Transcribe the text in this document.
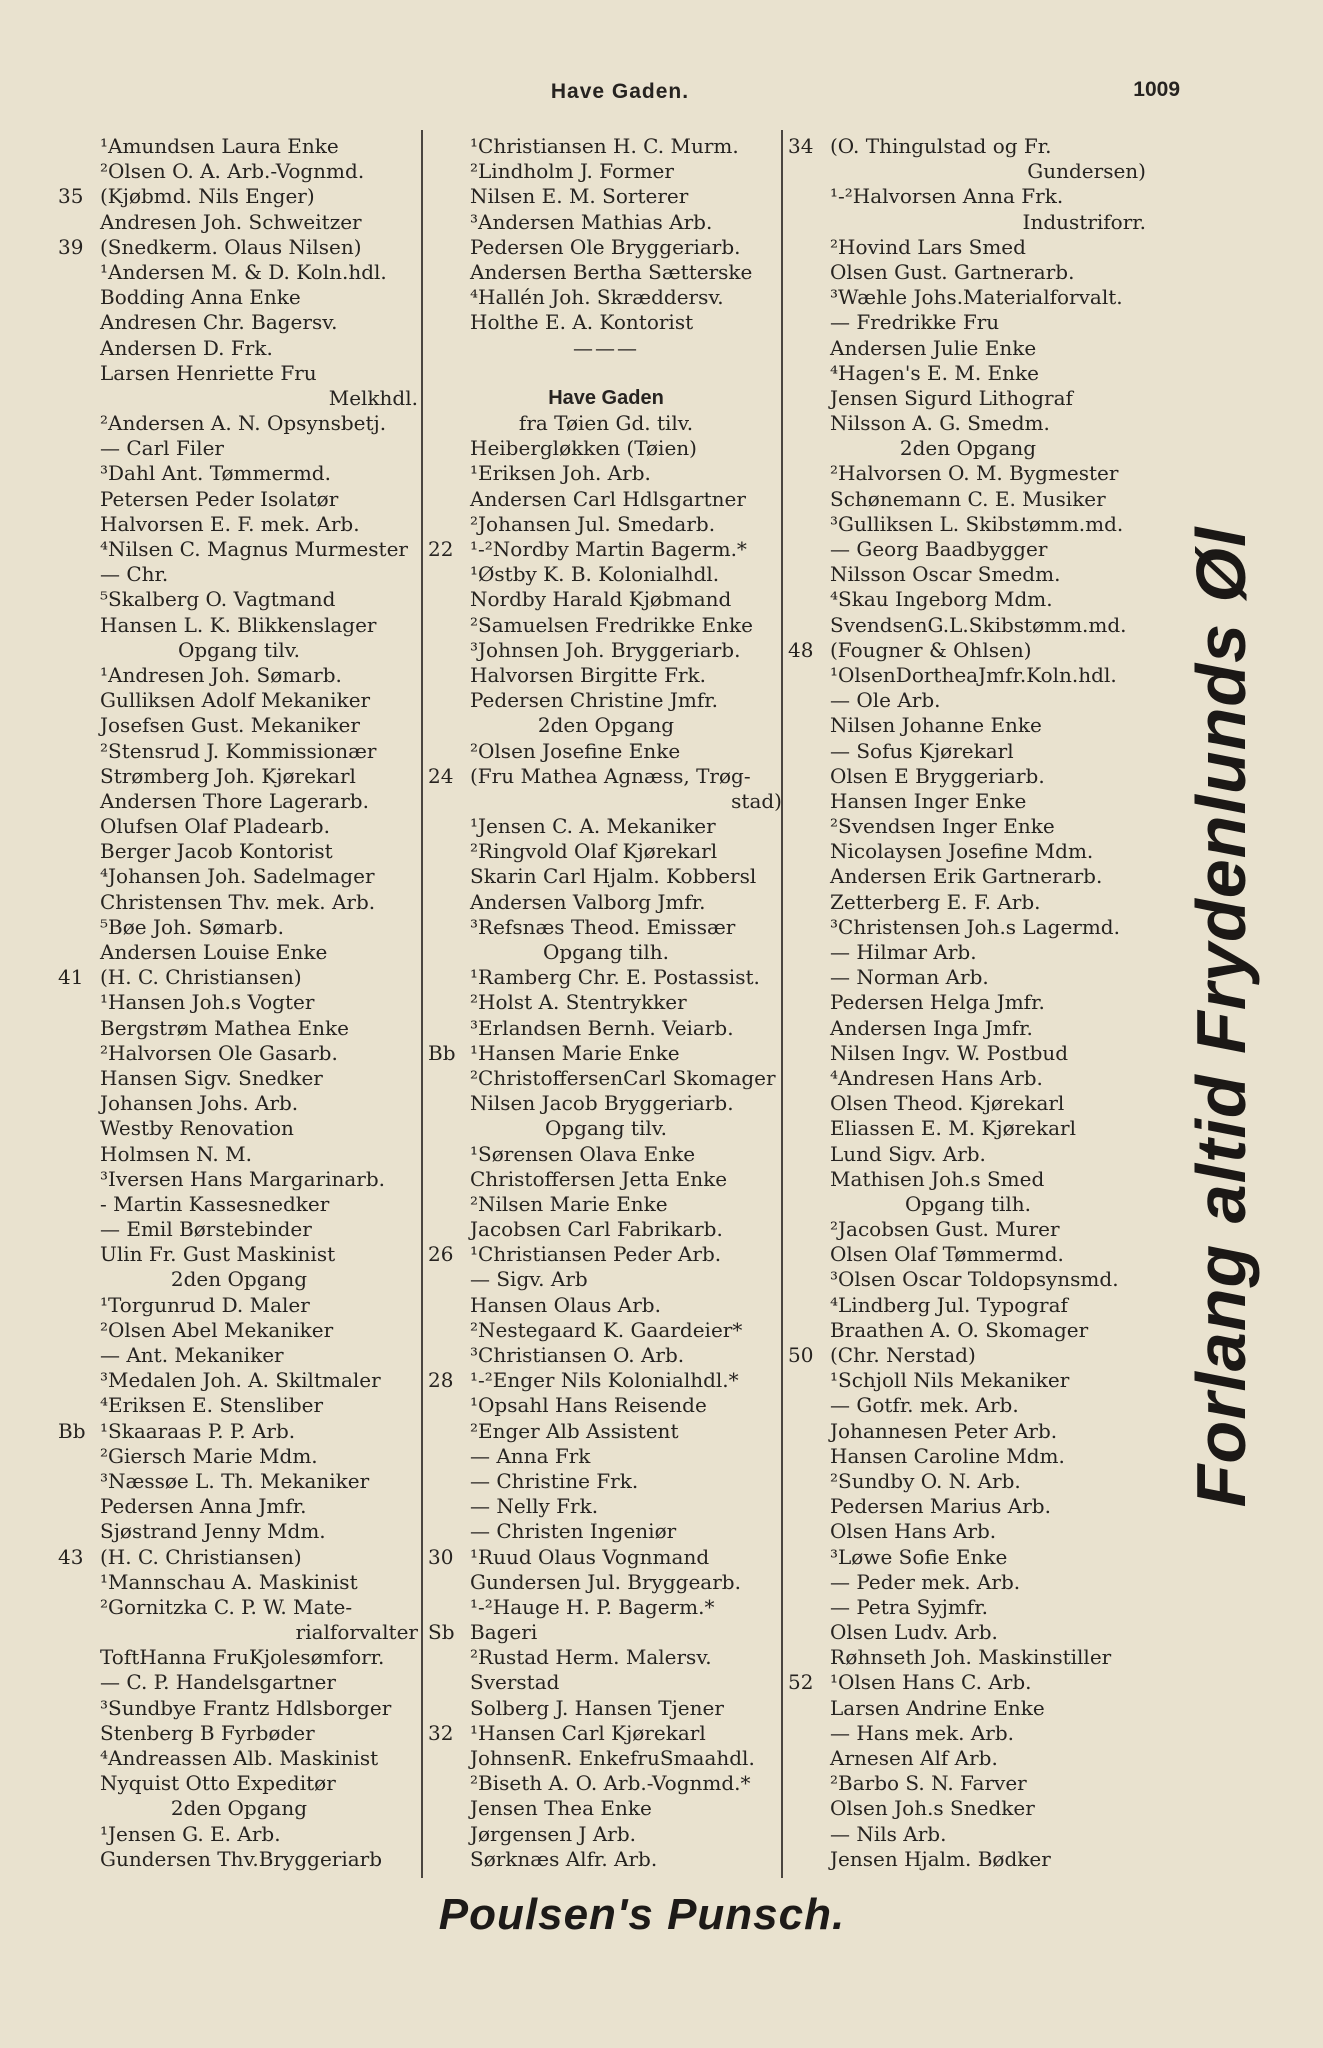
Have Gaden.	1009
¹Amundsen Laura Enke
²Olsen O. A. Arb.-Vognmd.
35 (Kjøbmd. Nils Enger)
Andresen Joh. Schweitzer
39 (Snedkerm. Olaus Nilsen)
¹Andersen M. & D. Koln.hdl.
Bodding Anna Enke
Andresen Chr. Bagersv.
Andersen D. Frk.
Larsen Henriette Fru
Melkhdl.
²Andersen A. N. Opsynsbetj.
— Carl Filer
³Dahl Ant. Tømmermd.
Petersen Peder Isolatør
Halvorsen E. F. mek. Arb.
⁴Nilsen C. Magnus Murmester
— Chr.
⁵Skalberg O. Vagtmand
Hansen L. K. Blikkenslager
Opgang tilv.
¹Andresen Joh. Sømarb.
Gulliksen Adolf Mekaniker
Josefsen Gust. Mekaniker
²Stensrud J. Kommissionær
Strømberg Joh. Kjørekarl
Andersen Thore Lagerarb.
Olufsen Olaf Pladearb.
Berger Jacob Kontorist
⁴Johansen Joh. Sadelmager
Christensen Thv. mek. Arb.
⁵Bøe Joh. Sømarb.
Andersen Louise Enke
41 (H. C. Christiansen)
¹Hansen Joh.s Vogter
Bergstrøm Mathea Enke
²Halvorsen Ole Gasarb.
Hansen Sigv. Snedker
Johansen Johs. Arb.
Westby Renovation
Holmsen N. M.
³Iversen Hans Margarinarb.
- Martin Kassesnedker
— Emil Børstebinder
Ulin Fr. Gust Maskinist
2den Opgang
¹Torgunrud D. Maler
²Olsen Abel Mekaniker
— Ant. Mekaniker
³Medalen Joh. A. Skiltmaler
⁴Eriksen E. Stensliber
Bb ¹Skaaraas P. P. Arb.
²Giersch Marie Mdm.
³Næssøe L. Th. Mekaniker
Pedersen Anna Jmfr.
Sjøstrand Jenny Mdm.
43 (H. C. Christiansen)
¹Mannschau A. Maskinist
²Gornitzka C. P. W. Mate-
rialforvalter
ToftHanna FruKjolesømforr.
— C. P. Handelsgartner
³Sundbye Frantz Hdlsborger
Stenberg B Fyrbøder
⁴Andreassen Alb. Maskinist
Nyquist Otto Expeditør
2den Opgang
¹Jensen G. E. Arb.
Gundersen Thv.Bryggeriarb
¹Christiansen H. C. Murm.
²Lindholm J. Former
Nilsen E. M. Sorterer
³Andersen Mathias Arb.
Pedersen Ole Bryggeriarb.
Andersen Bertha Sætterske
⁴Hallén Joh. Skræddersv.
Holthe E. A. Kontorist
———
Have Gaden
fra Tøien Gd. tilv.
Heibergløkken (Tøien)
¹Eriksen Joh. Arb.
Andersen Carl Hdlsgartner
²Johansen Jul. Smedarb.
22 ¹-²Nordby Martin Bagerm.*
¹Østby K. B. Kolonialhdl.
Nordby Harald Kjøbmand
²Samuelsen Fredrikke Enke
³Johnsen Joh. Bryggeriarb.
Halvorsen Birgitte Frk.
Pedersen Christine Jmfr.
2den Opgang
²Olsen Josefine Enke
24 (Fru Mathea Agnæss, Trøg-
stad)
¹Jensen C. A. Mekaniker
²Ringvold Olaf Kjørekarl
Skarin Carl Hjalm. Kobbersl
Andersen Valborg Jmfr.
³Refsnæs Theod. Emissær
Opgang tilh.
¹Ramberg Chr. E. Postassist.
²Holst A. Stentrykker
³Erlandsen Bernh. Veiarb.
Bb ¹Hansen Marie Enke
²ChristoffersenCarl Skomager
Nilsen Jacob Bryggeriarb.
Opgang tilv.
¹Sørensen Olava Enke
Christoffersen Jetta Enke
²Nilsen Marie Enke
Jacobsen Carl Fabrikarb.
26 ¹Christiansen Peder Arb.
— Sigv. Arb
Hansen Olaus Arb.
²Nestegaard K. Gaardeier*
³Christiansen O. Arb.
28 ¹-²Enger Nils Kolonialhdl.*
¹Opsahl Hans Reisende
²Enger Alb Assistent
— Anna Frk
— Christine Frk.
— Nelly Frk.
— Christen Ingeniør
30 ¹Ruud Olaus Vognmand
Gundersen Jul. Bryggearb.
¹-²Hauge H. P. Bagerm.*
Sb Bageri
²Rustad Herm. Malersv.
Sverstad
Solberg J. Hansen Tjener
32 ¹Hansen Carl Kjørekarl
JohnsenR. EnkefruSmaahdl.
²Biseth A. O. Arb.-Vognmd.*
Jensen Thea Enke
Jørgensen J Arb.
Sørknæs Alfr. Arb.
34 (O. Thingulstad og Fr.
Gundersen)
¹-²Halvorsen Anna Frk.
Industriforr.
²Hovind Lars Smed
Olsen Gust. Gartnerarb.
³Wæhle Johs.Materialforvalt.
— Fredrikke Fru
Andersen Julie Enke
⁴Hagen's E. M. Enke
Jensen Sigurd Lithograf
Nilsson A. G. Smedm.
2den Opgang
²Halvorsen O. M. Bygmester
Schønemann C. E. Musiker
³Gulliksen L. Skibstømm.md.
— Georg Baadbygger
Nilsson Oscar Smedm.
⁴Skau Ingeborg Mdm.
SvendsenG.L.Skibstømm.md.
48 (Fougner & Ohlsen)
¹OlsenDortheaJmfr.Koln.hdl.
— Ole Arb.
Nilsen Johanne Enke
— Sofus Kjørekarl
Olsen E Bryggeriarb.
Hansen Inger Enke
²Svendsen Inger Enke
Nicolaysen Josefine Mdm.
Andersen Erik Gartnerarb.
Zetterberg E. F. Arb.
³Christensen Joh.s Lagermd.
— Hilmar Arb.
— Norman Arb.
Pedersen Helga Jmfr.
Andersen Inga Jmfr.
Nilsen Ingv. W. Postbud
⁴Andresen Hans Arb.
Olsen Theod. Kjørekarl
Eliassen E. M. Kjørekarl
Lund Sigv. Arb.
Mathisen Joh.s Smed
Opgang tilh.
²Jacobsen Gust. Murer
Olsen Olaf Tømmermd.
³Olsen Oscar Toldopsynsmd.
⁴Lindberg Jul. Typograf
Braathen A. O. Skomager
50 (Chr. Nerstad)
¹Schjoll Nils Mekaniker
— Gotfr. mek. Arb.
Johannesen Peter Arb.
Hansen Caroline Mdm.
²Sundby O. N. Arb.
Pedersen Marius Arb.
Olsen Hans Arb.
³Løwe Sofie Enke
— Peder mek. Arb.
— Petra Syjmfr.
Olsen Ludv. Arb.
Røhnseth Joh. Maskinstiller
52 ¹Olsen Hans C. Arb.
Larsen Andrine Enke
— Hans mek. Arb.
Arnesen Alf Arb.
²Barbo S. N. Farver
Olsen Joh.s Snedker
— Nils Arb.
Jensen Hjalm. Bødker
Poulsen's Punsch.
Forlang altid Frydenlunds Øl
